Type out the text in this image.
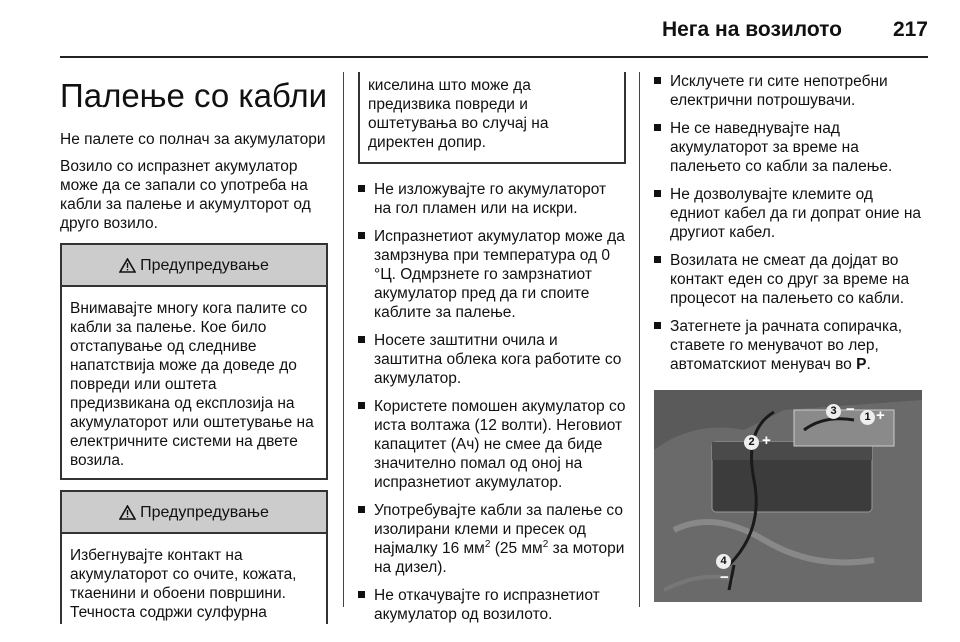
Нега на возилото 217
Палење со кабли

Не палете со полнач за акумулатори

Возило со испразнет акумулатор може да се запали со употреба на кабли за палење и акумулторот од друго возило.

Предупредување
Внимавајте многу кога палите со кабли за палење. Кое било отстапување од следниве напатствија може да доведе до повреди или оштета предизвикана од експлозија на акумулаторот или оштетување на електричните системи на двете возила.
Предупредување
Избегнувајте контакт на акумулаторот со очите, кожата, ткаенини и обоени површини. Течноста содржи сулфурна
киселина што може да предизвика повреди и оштетувања во случај на директен допир.
Не изложувајте го акумулаторот на гол пламен или на искри.
Испразнетиот акумулатор може да замрзнува при температура од 0 °Ц. Одмрзнете го замрзнатиот акумулатор пред да ги споите каблите за палење.
Носете заштитни очила и заштитна облека кога работите со акумулатор.
Користете помошен акумулатор со иста волтажа (12 волти). Неговиот капацитет (Ач) не смее да биде значително помал од оној на испразнетиот акумулатор.
Употребувајте кабли за палење со изолирани клеми и пресек од најмалку 16 $мм^2$ (25 $мм^2$ за мотори на дизел).
Не откачувајте го испразнетиот акумулатор од возилото.
Исклучете ги сите непотребни електрични потрошувачи.
Не се наведнувајте над акумулаторот за време на палењето со кабли за палење.
Не дозволувајте клемите од едниот кабел да ги допрат оние на другиот кабел.
Возилата не смеат да дојдат во контакт еден со друг за време на процесот на палењето со кабли.
Затегнете ја рачната сопирачка, ставете го менувачот во лер, автоматскиот менувач во P.
3 − 1 +
2 +
4
−
